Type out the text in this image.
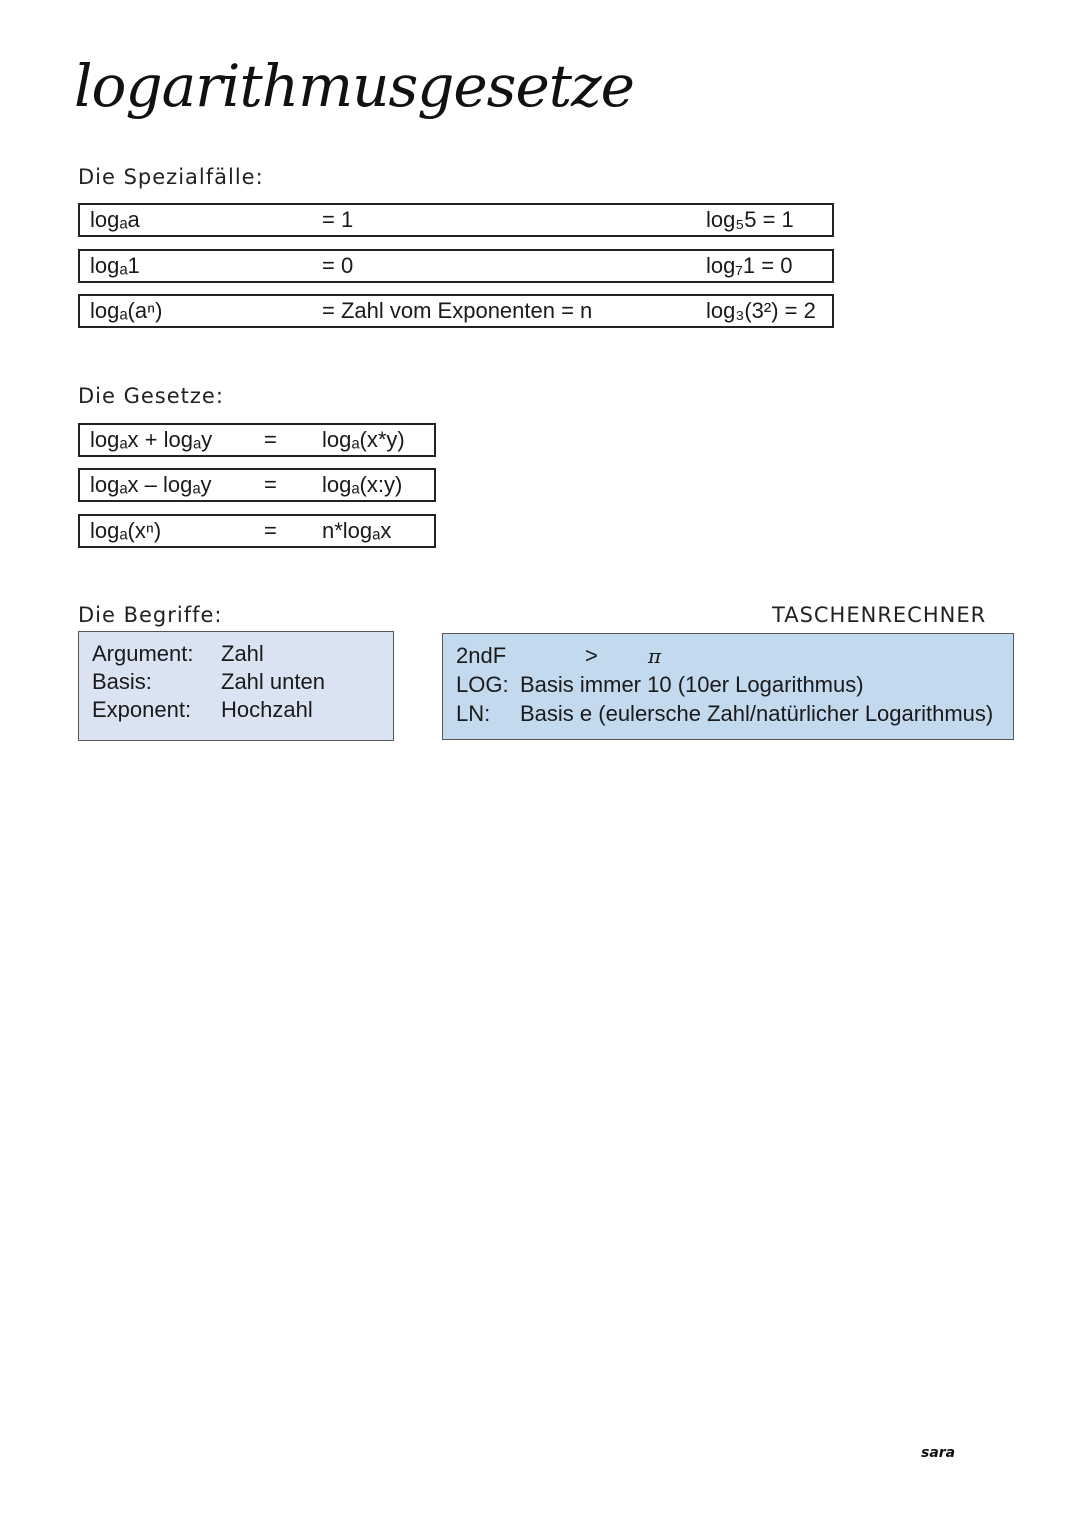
logarithmusgesetze
Die Spezialfälle:
logₐa	= 1	log₅5 = 1
logₐ1	= 0	log₇1 = 0
logₐ(aⁿ)	= Zahl vom Exponenten = n	log₃(3²) = 2
Die Gesetze:
logₐx + logₐy = logₐ(x*y)
logₐx – logₐy = logₐ(x:y)
logₐ(xⁿ)	= n*logₐx
Die Begriffe:
Argument: Zahl
Basis:	Zahl unten
Exponent: Hochzahl
TASCHENRECHNER
2ndF	>	π
LOG: Basis immer 10 (10er Logarithmus)
LN: Basis e (eulersche Zahl/natürlicher Logarithmus)
sara
